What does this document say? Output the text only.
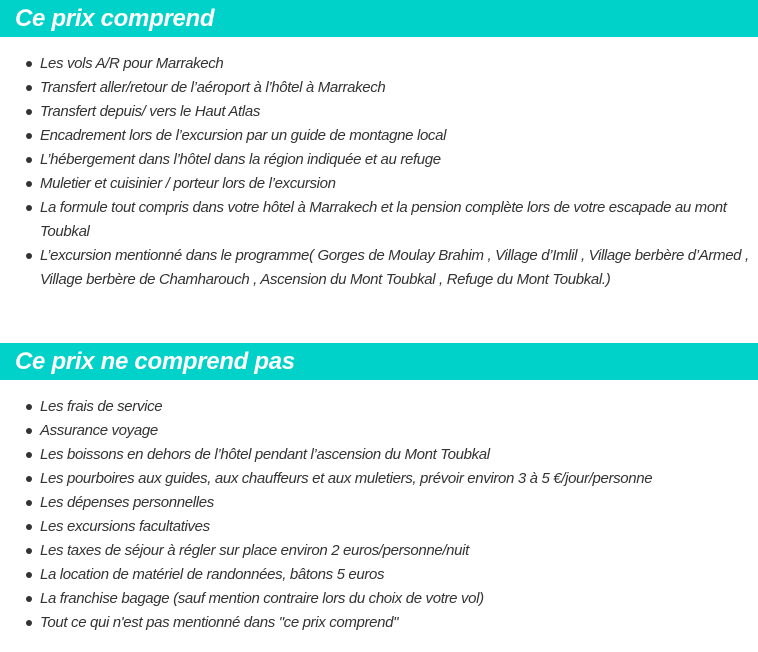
Ce prix comprend
Les vols A/R pour Marrakech
Transfert aller/retour de l’aéroport à l’hôtel à Marrakech
Transfert depuis/ vers le Haut Atlas
Encadrement lors de l’excursion par un guide de montagne local
L’hébergement dans l’hôtel dans la région indiquée et au refuge
Muletier et cuisinier / porteur lors de l’excursion
La formule tout compris dans votre hôtel à Marrakech et la pension complète lors de votre escapade au mont Toubkal
L’excursion mentionné dans le programme( Gorges de Moulay Brahim , Village d’Imlil , Village berbère d’Armed , Village berbère de Chamharouch , Ascension du Mont Toubkal , Refuge du Mont Toubkal.)
Ce prix ne comprend pas
Les frais de service
Assurance voyage
Les boissons en dehors de l’hôtel pendant l’ascension du Mont Toubkal
Les pourboires aux guides, aux chauffeurs et aux muletiers, prévoir environ 3 à 5 €/jour/personne
Les dépenses personnelles
Les excursions facultatives
Les taxes de séjour à régler sur place environ 2 euros/personne/nuit
La location de matériel de randonnées, bâtons 5 euros
La franchise bagage (sauf mention contraire lors du choix de votre vol)
Tout ce qui n'est pas mentionné dans "ce prix comprend"
